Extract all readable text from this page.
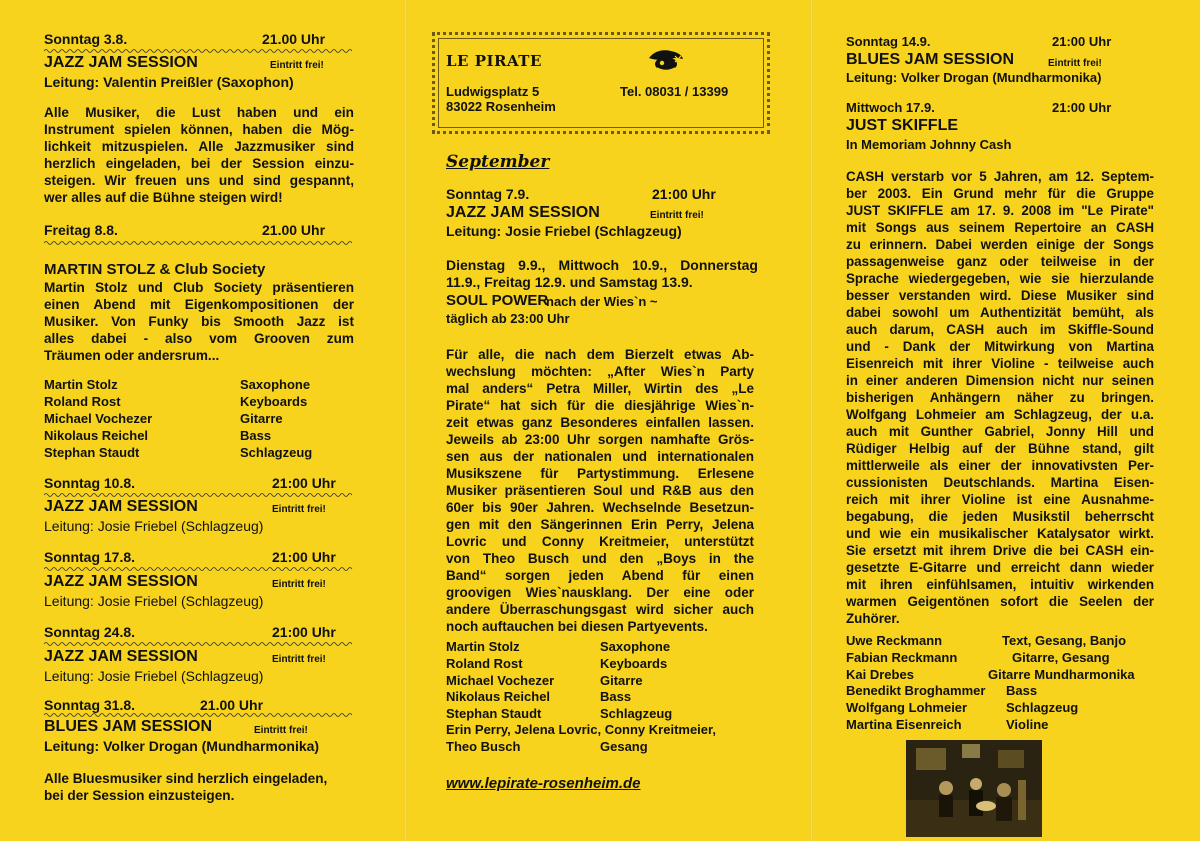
Sonntag 3.8.	21.00 Uhr
JAZZ JAM SESSION	Eintritt frei!
Leitung: Valentin Preißler (Saxophon)
Alle Musiker, die Lust haben und ein
Instrument spielen können, haben die Mög-
lichkeit mitzuspielen. Alle Jazzmusiker sind
herzlich eingeladen, bei der Session einzu-
steigen. Wir freuen uns und sind gespannt,
wer alles auf die Bühne steigen wird!
Freitag 8.8.	21.00 Uhr
MARTIN STOLZ & Club Society
Martin Stolz und Club Society präsentieren
einen Abend mit Eigenkompositionen der
Musiker. Von Funky bis Smooth Jazz ist
alles dabei - also vom Grooven zum
Träumen oder andersrum...
Martin Stolz	Saxophone
Roland Rost	Keyboards
Michael Vochezer	Gitarre
Nikolaus Reichel	Bass
Stephan Staudt	Schlagzeug
Sonntag 10.8.	21:00 Uhr
JAZZ JAM SESSION	Eintritt frei!
Leitung: Josie Friebel (Schlagzeug)
Sonntag 17.8.	21:00 Uhr
JAZZ JAM SESSION	Eintritt frei!
Leitung: Josie Friebel (Schlagzeug)
Sonntag 24.8.	21:00 Uhr
JAZZ JAM SESSION	Eintritt frei!
Leitung: Josie Friebel (Schlagzeug)
Sonntag 31.8.	21.00 Uhr
BLUES JAM SESSION	Eintritt frei!
Leitung: Volker Drogan (Mundharmonika)
Alle Bluesmusiker sind herzlich eingeladen,
bei der Session einzusteigen.
LE PIRATE
Ludwigsplatz 5
83022 Rosenheim
Tel. 08031 / 13399
September
Sonntag 7.9.	21:00 Uhr
JAZZ JAM SESSION	Eintritt frei!
Leitung: Josie Friebel (Schlagzeug)
Dienstag 9.9., Mittwoch 10.9., Donnerstag
11.9., Freitag 12.9. und Samstag 13.9.
SOUL POWER
nach der Wies`n ~
täglich ab 23:00 Uhr
Für alle, die nach dem Bierzelt etwas Ab-
wechslung möchten: „After Wies`n Party
mal anders“ Petra Miller, Wirtin des „Le
Pirate“ hat sich für die diesjährige Wies`n-
zeit etwas ganz Besonderes einfallen lassen.
Jeweils ab 23:00 Uhr sorgen namhafte Grös-
sen aus der nationalen und internationalen
Musikszene für Partystimmung. Erlesene
Musiker präsentieren Soul und R&B aus den
60er bis 90er Jahren. Wechselnde Besetzun-
gen mit den Sängerinnen Erin Perry, Jelena
Lovric und Conny Kreitmeier, unterstützt
von Theo Busch und den „Boys in the
Band“ sorgen jeden Abend für einen
groovigen Wies`nausklang. Der eine oder
andere Überraschungsgast wird sicher auch
noch auftauchen bei diesen Partyevents.
Martin Stolz	Saxophone
Roland Rost	Keyboards
Michael Vochezer	Gitarre
Nikolaus Reichel	Bass
Stephan Staudt	Schlagzeug
Erin Perry, Jelena Lovric, Conny Kreitmeier,
Theo Busch	Gesang
www.lepirate-rosenheim.de
Sonntag 14.9.	21:00 Uhr
BLUES JAM SESSION	Eintritt frei!
Leitung: Volker Drogan (Mundharmonika)
Mittwoch 17.9.	21:00 Uhr
JUST SKIFFLE
In Memoriam Johnny Cash
CASH verstarb vor 5 Jahren, am 12. Septem-
ber 2003. Ein Grund mehr für die Gruppe
JUST SKIFFLE am 17. 9. 2008 im "Le Pirate"
mit Songs aus seinem Repertoire an CASH
zu erinnern. Dabei werden einige der Songs
passagenweise ganz oder teilweise in der
Sprache wiedergegeben, wie sie hierzulande
besser verstanden wird. Diese Musiker sind
dabei sowohl um Authentizität bemüht, als
auch darum, CASH auch im Skiffle-Sound
und - Dank der Mitwirkung von Martina
Eisenreich mit ihrer Violine - teilweise auch
in einer anderen Dimension nicht nur seinen
bisherigen Anhängern näher zu bringen.
Wolfgang Lohmeier am Schlagzeug, der u.a.
auch mit Gunther Gabriel, Jonny Hill und
Rüdiger Helbig auf der Bühne stand, gilt
mittlerweile als einer der innovativsten Per-
cussionisten Deutschlands. Martina Eisen-
reich mit ihrer Violine ist eine Ausnahme-
begabung, die jeden Musikstil beherrscht
und wie ein musikalischer Katalysator wirkt.
Sie ersetzt mit ihrem Drive die bei CASH ein-
gesetzte E-Gitarre und erreicht dann wieder
mit ihren einfühlsamen, intuitiv wirkenden
warmen Geigentönen sofort die Seelen der
Zuhörer.
Uwe Reckmann	Text, Gesang, Banjo
Fabian Reckmann	Gitarre, Gesang
Kai Drebes	Gitarre Mundharmonika
Benedikt Broghammer Bass
Wolfgang Lohmeier	Schlagzeug
Martina Eisenreich	Violine
